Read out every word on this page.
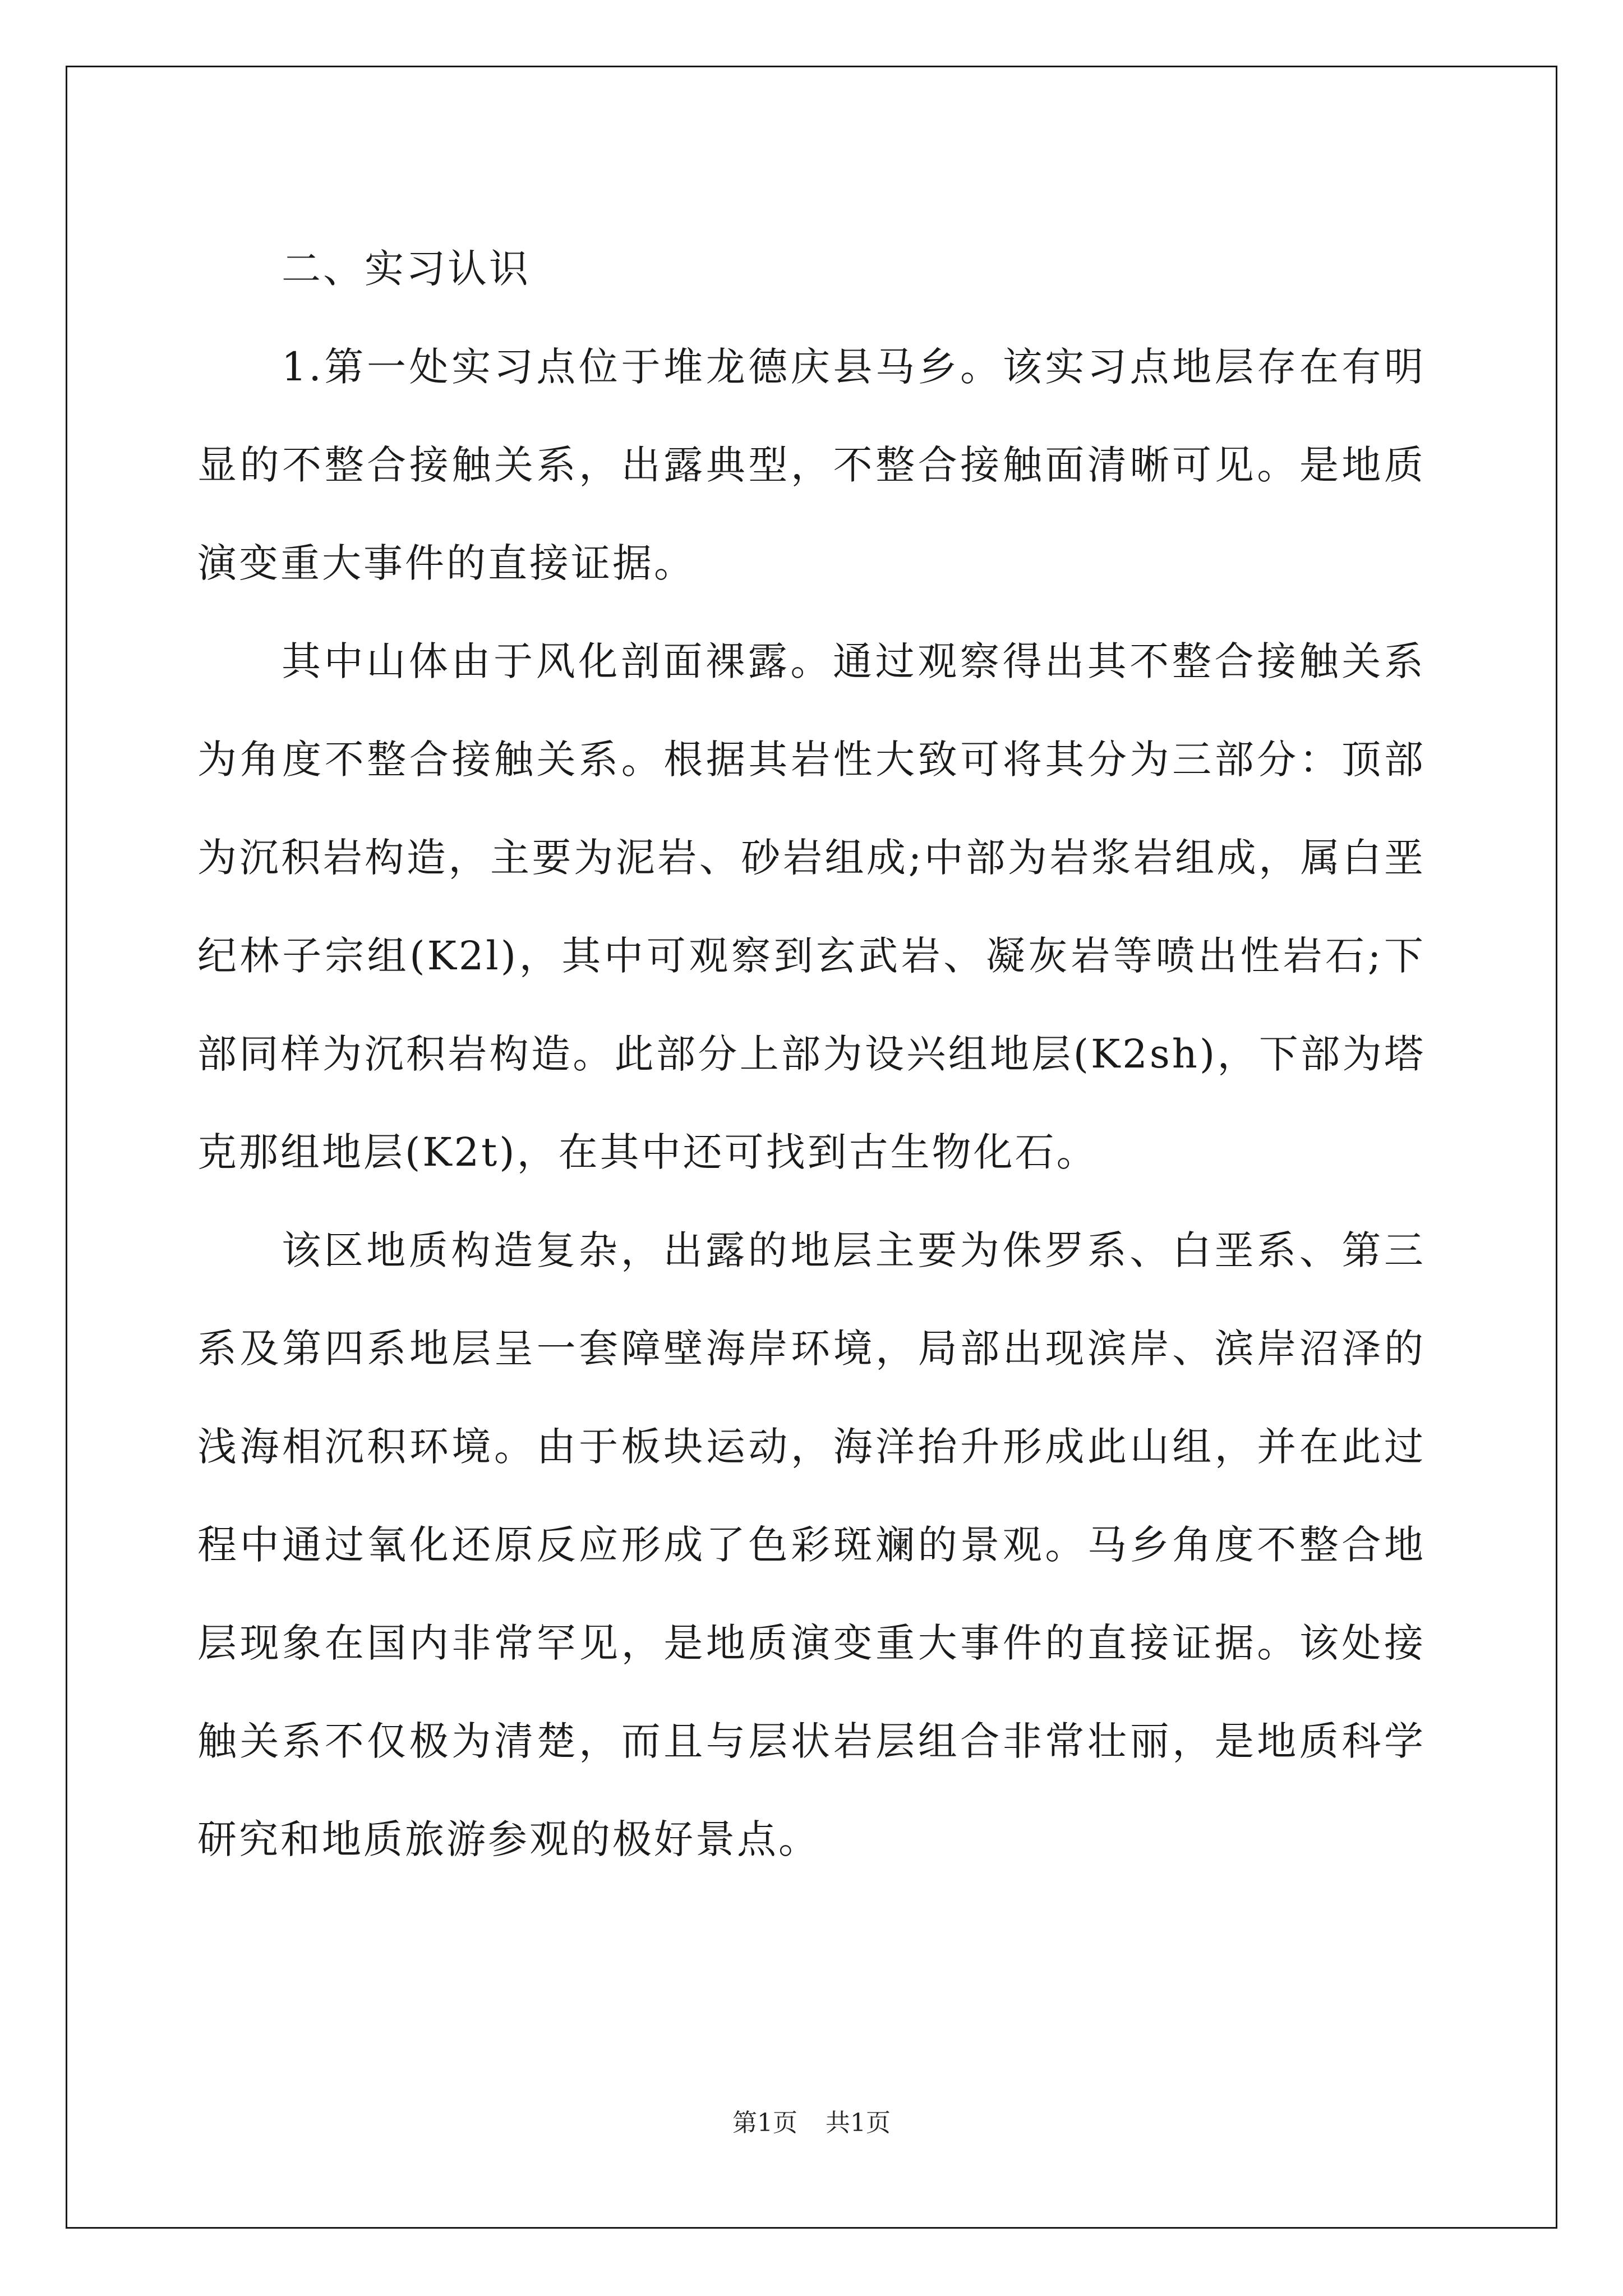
二、实习认识

1.第一处实习点位于堆龙德庆县马乡。该实习点地层存在有明显的不整合接触关系，出露典型，不整合接触面清晰可见。是地质演变重大事件的直接证据。

其中山体由于风化剖面裸露。通过观察得出其不整合接触关系为角度不整合接触关系。根据其岩性大致可将其分为三部分：顶部为沉积岩构造，主要为泥岩、砂岩组成;中部为岩浆岩组成，属白垩纪林子宗组(K2l)，其中可观察到玄武岩、凝灰岩等喷出性岩石;下部同样为沉积岩构造。此部分上部为设兴组地层(K2sh)，下部为塔克那组地层(K2t)，在其中还可找到古生物化石。

该区地质构造复杂，出露的地层主要为侏罗系、白垩系、第三系及第四系地层呈一套障壁海岸环境，局部出现滨岸、滨岸沼泽的浅海相沉积环境。由于板块运动，海洋抬升形成此山组，并在此过程中通过氧化还原反应形成了色彩斑斓的景观。马乡角度不整合地层现象在国内非常罕见，是地质演变重大事件的直接证据。该处接触关系不仅极为清楚，而且与层状岩层组合非常壮丽，是地质科学研究和地质旅游参观的极好景点。

第1页 共1页
